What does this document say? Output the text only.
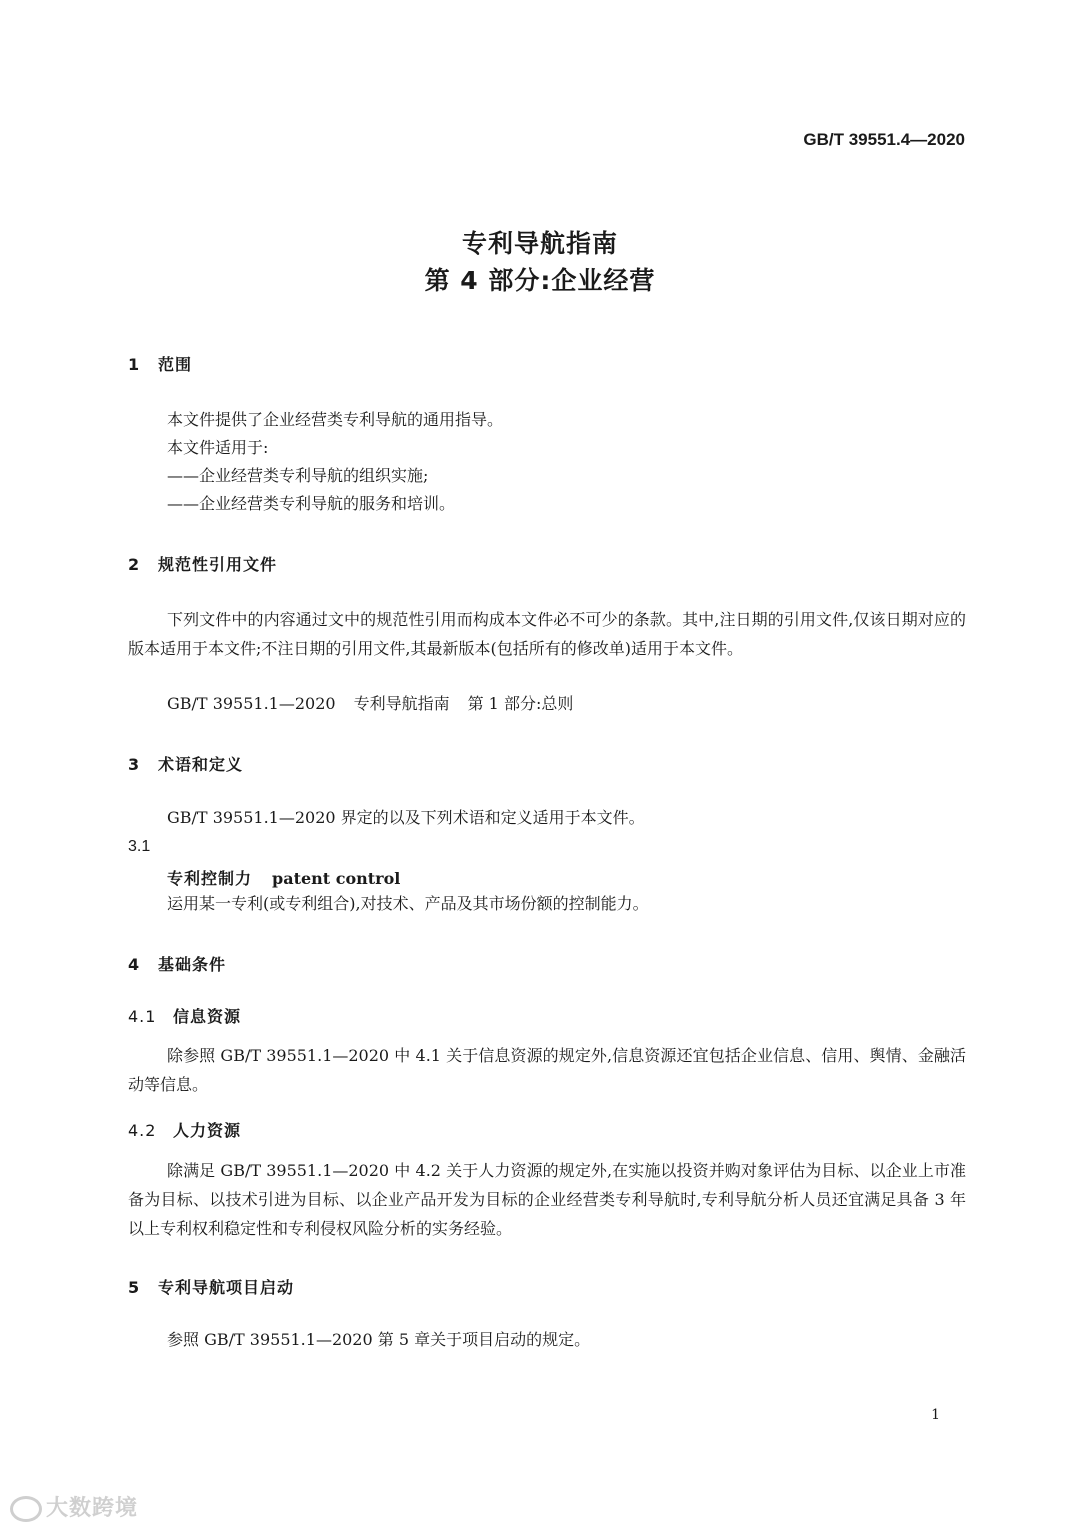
GB/T 39551.4—2020
专利导航指南
第 4 部分:企业经营
1 范围
本文件提供了企业经营类专利导航的通用指导。
本文件适用于:
——企业经营类专利导航的组织实施;
——企业经营类专利导航的服务和培训。
2 规范性引用文件
下列文件中的内容通过文中的规范性引用而构成本文件必不可少的条款。其中,注日期的引用文件,仅该日期对应的版本适用于本文件;不注日期的引用文件,其最新版本(包括所有的修改单)适用于本文件。
GB/T 39551.1—2020 专利导航指南 第 1 部分:总则
3 术语和定义
GB/T 39551.1—2020 界定的以及下列术语和定义适用于本文件。
3.1
专利控制力 patent control
运用某一专利(或专利组合),对技术、产品及其市场份额的控制能力。
4 基础条件
4.1 信息资源
除参照 GB/T 39551.1—2020 中 4.1 关于信息资源的规定外,信息资源还宜包括企业信息、信用、舆情、金融活动等信息。
4.2 人力资源
除满足 GB/T 39551.1—2020 中 4.2 关于人力资源的规定外,在实施以投资并购对象评估为目标、以企业上市准备为目标、以技术引进为目标、以企业产品开发为目标的企业经营类专利导航时,专利导航分析人员还宜满足具备 3 年以上专利权利稳定性和专利侵权风险分析的实务经验。
5 专利导航项目启动
参照 GB/T 39551.1—2020 第 5 章关于项目启动的规定。
1
大数跨境
